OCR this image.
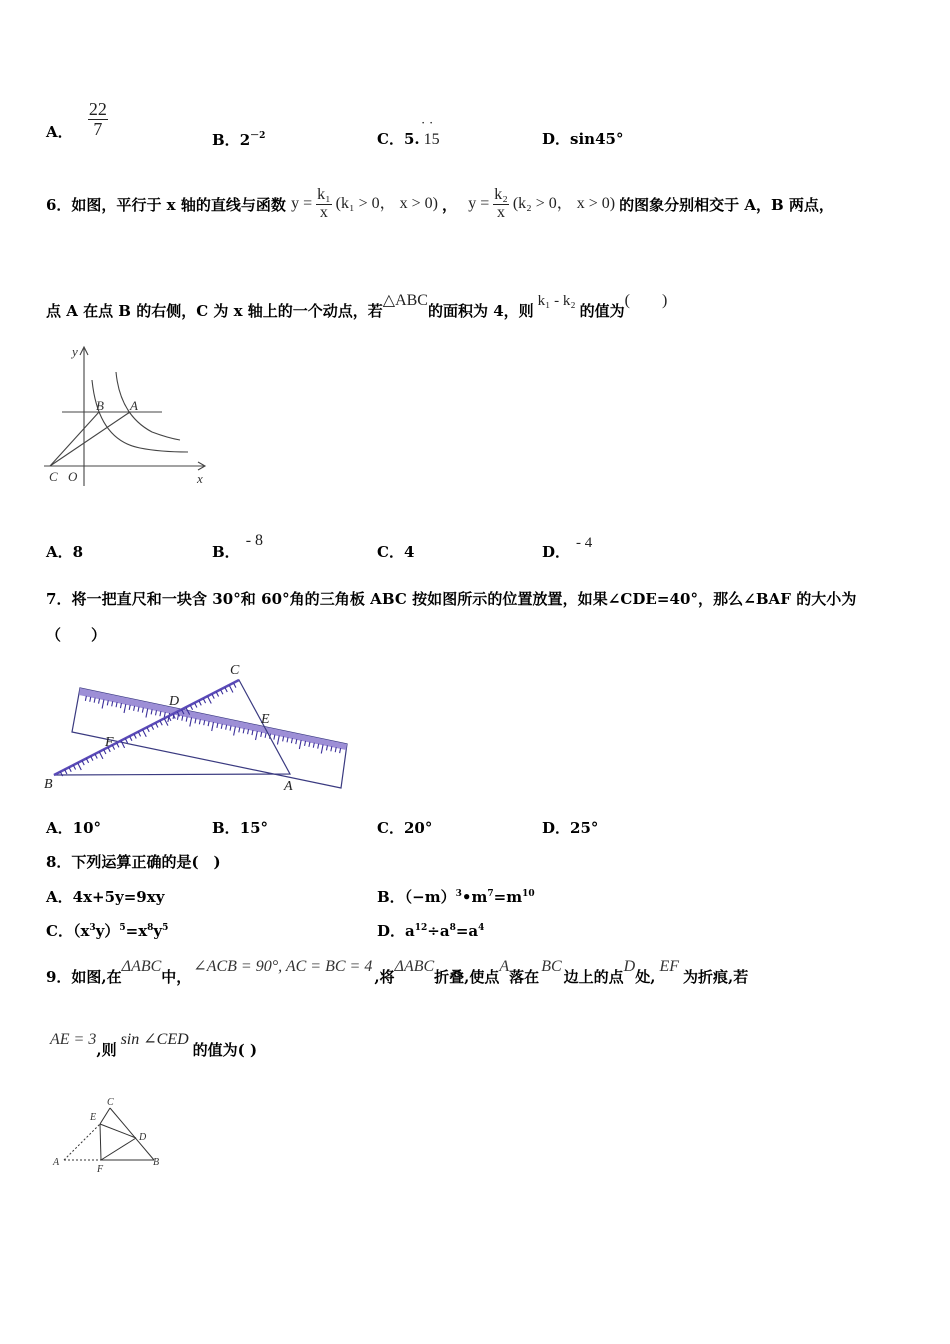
A． $\frac{22}{7}$
B．$2^{-2}$	C．5.
˙˙
15	D．sin45°
6．如图，平行于 x 轴的直线与函数 $y = \frac{\text{k₁}}{x} (k_1 > 0$， x > 0) ， $y = \frac{\text{k₂}}{x} (k_2 > 0$， x > 0) 的图象分别相交于 A，B 两点，
点 A 在点 B 的右侧，C 为 x 轴上的一个动点，若△ABC的面积为 4，则k₁ - k₂的值为(　　)
y
x
B A
C O
A．8	B．- 8
C．4	D． - 4
7．将一把直尺和一块含 30°和 60°角的三角板 ABC 按如图所示的位置放置，如果∠CDE=40°，那么∠BAF 的大小为
（　　）
C
D
E
F
B	A
A．10°	B．15°	C．20°	D．25°
8．下列运算正确的是(　)
A．4x+5y=9xy	B．$(-m)^3•m^7=m^{10}$
C．$(x^3y)^5=x^8y^5$	D．$a^{12}\div a^8=a^4$
9．如图,在ΔABC中，∠ACB = 90°, AC = BC = 4,将ΔABC折叠,使点A落在BC边上的点D处,EF为折痕,若
AE = 3,则sin ∠CED的值为( )
C
E
D
A
F
B
